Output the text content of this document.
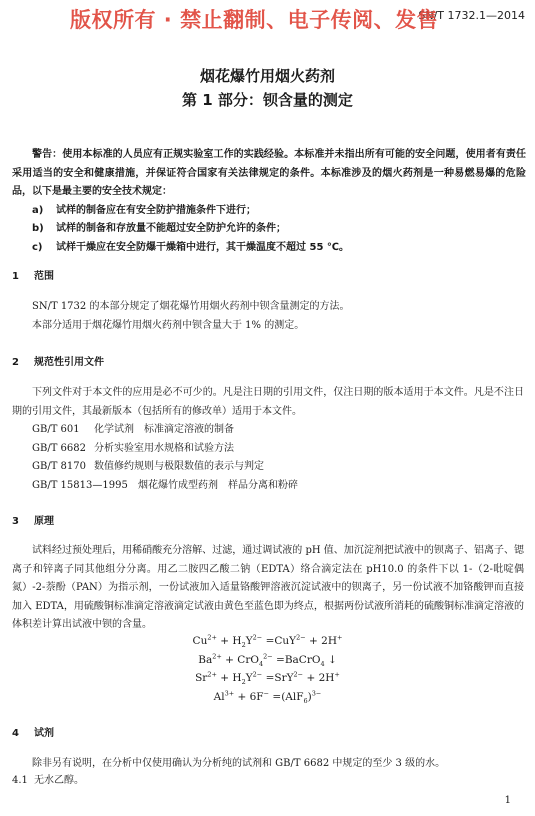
版权所有 · 禁止翻制、电子传阅、发售
SN/T 1732.1—2014
烟花爆竹用烟火药剂
第 1 部分：钡含量的测定

警告：使用本标准的人员应有正规实验室工作的实践经验。本标准并未指出所有可能的安全问题，使用者有责任采用适当的安全和健康措施，并保证符合国家有关法律规定的条件。本标准涉及的烟火药剂是一种易燃易爆的危险品，以下是最主要的安全技术规定：

a) 试样的制备应在有安全防护措施条件下进行；

b) 试样的制备和存放量不能超过安全防护允许的条件；

c) 试样干燥应在安全防爆干燥箱中进行，其干燥温度不超过 55 ℃。

1 范围

SN/T 1732 的本部分规定了烟花爆竹用烟火药剂中钡含量测定的方法。

本部分适用于烟花爆竹用烟火药剂中钡含量大于 1% 的测定。

2 规范性引用文件

下列文件对于本文件的应用是必不可少的。凡是注日期的引用文件，仅注日期的版本适用于本文件。凡是不注日期的引用文件，其最新版本（包括所有的修改单）适用于本文件。

GB/T 601 化学试剂　标准滴定溶液的制备

GB/T 6682 分析实验室用水规格和试验方法

GB/T 8170 数值修约规则与极限数值的表示与判定

GB/T 15813—1995 烟花爆竹成型药剂　样品分离和粉碎

3 原理

试料经过预处理后，用稀硝酸充分溶解、过滤，通过调试液的 pH 值、加沉淀剂把试液中的钡离子、铝离子、锶离子和锌离子同其他组分分离。用乙二胺四乙酸二钠（EDTA）络合滴定法在 pH10.0 的条件下以 1-（2-吡啶偶氮）-2-萘酚（PAN）为指示剂，一份试液加入适量铬酸钾溶液沉淀试液中的钡离子，另一份试液不加铬酸钾而直接加入 EDTA，用硫酸铜标准滴定溶液滴定试液由黄色至蓝色即为终点，根据两份试液所消耗的硫酸铜标准滴定溶液的体积差计算出试液中钡的含量。

$Cu^{2+} + H_2Y^{2-} =CuY^{2-} + 2H^+$
$Ba^{2+} + CrO_4^{2-}$ =BaCrO$_4$ ↓
$Sr^{2+} + H_2Y^{2-} =SrY^{2-} + 2H^+$
$Al^{3+} + 6F^- =(AlF_6)^{3-}$
4 试剂

除非另有说明，在分析中仅使用确认为分析纯的试剂和 GB/T 6682 中规定的至少 3 级的水。

4.1 无水乙醇。

1
